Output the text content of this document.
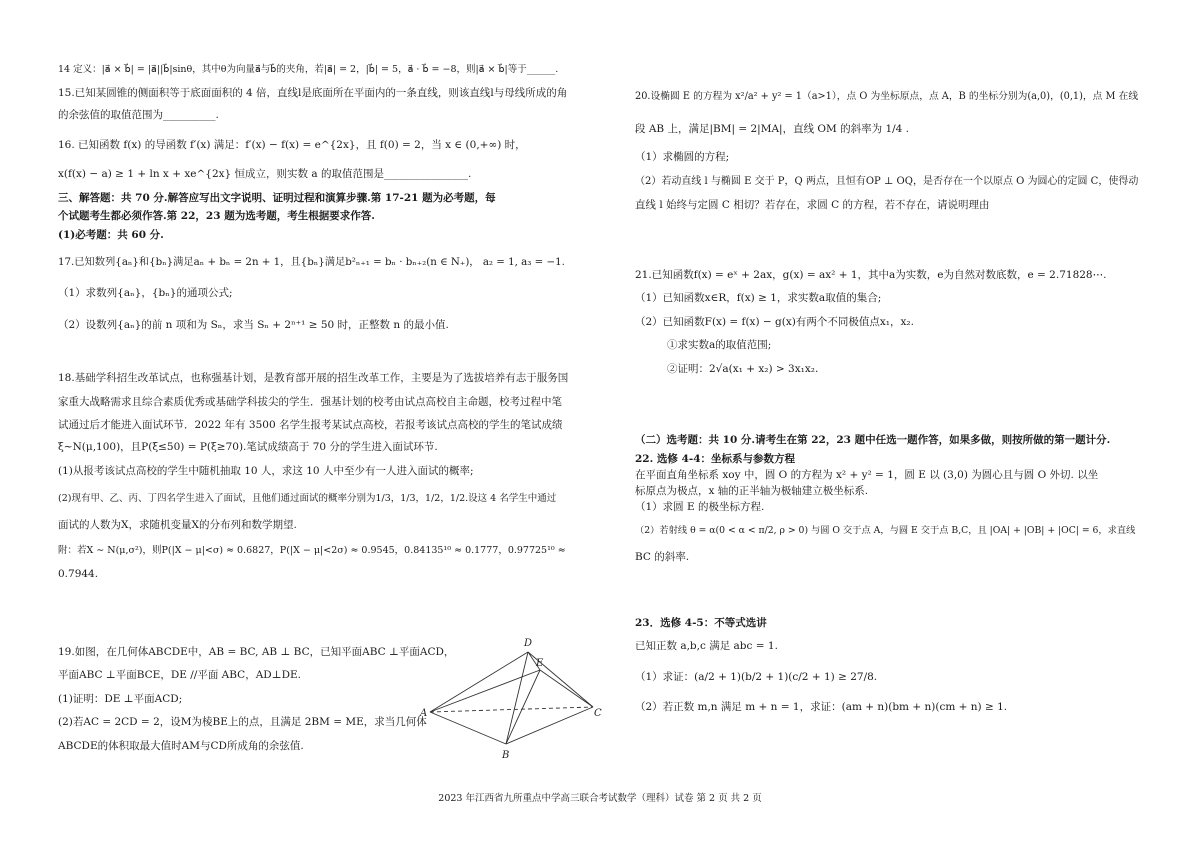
14 定义：|a⃗ × b⃗| = |a⃗||b⃗|sinθ，其中θ为向量a⃗与b⃗的夹角，若|a⃗| = 2，|b⃗| = 5，a⃗ · b⃗ = −8，则|a⃗ × b⃗|等于______.
15.已知某圆锥的侧面积等于底面面积的 4 倍，直线l是底面所在平面内的一条直线，则该直线l与母线所成的角
的余弦值的取值范围为__________.
16. 已知函数 f(x) 的导函数 f′(x) 满足：f′(x) − f(x) = e^{2x}，且 f(0) = 2，当 x ∈ (0,+∞) 时，
x(f(x) − a) ≥ 1 + ln x + xe^{2x} 恒成立，则实数 a 的取值范围是________________.
三、解答题：共 70 分.解答应写出文字说明、证明过程和演算步骤.第 17-21 题为必考题，每
个试题考生都必须作答.第 22，23 题为选考题，考生根据要求作答.
(1)必考题：共 60 分.
17.已知数列{aₙ}和{bₙ}满足aₙ + bₙ = 2n + 1，且{bₙ}满足b²ₙ₊₁ = bₙ · bₙ₊₂(n ∈ N₊)， a₂ = 1, a₃ = −1.
（1）求数列{aₙ}，{bₙ}的通项公式;
（2）设数列{aₙ}的前 n 项和为 Sₙ，求当 Sₙ + 2ⁿ⁺¹ ≥ 50 时，正整数 n 的最小值.
18.基础学科招生改革试点，也称强基计划，是教育部开展的招生改革工作，主要是为了选拔培养有志于服务国
家重大战略需求且综合素质优秀或基础学科拔尖的学生．强基计划的校考由试点高校自主命题，校考过程中笔
试通过后才能进入面试环节．2022 年有 3500 名学生报考某试点高校，若报考该试点高校的学生的笔试成绩
ξ∼N(μ,100)，且P(ξ≤50) = P(ξ≥70).笔试成绩高于 70 分的学生进入面试环节.
(1)从报考该试点高校的学生中随机抽取 10 人，求这 10 人中至少有一人进入面试的概率;
(2)现有甲、乙、丙、丁四名学生进入了面试，且他们通过面试的概率分别为1/3，1/3，1/2，1/2.设这 4 名学生中通过
面试的人数为X，求随机变量X的分布列和数学期望.
附：若X ∼ N(μ,σ²)，则P(|X − μ|<σ) ≈ 0.6827，P(|X − μ|<2σ) ≈ 0.9545，0.84135¹⁰ ≈ 0.1777，0.97725¹⁰ ≈
0.7944.
19.如图，在几何体ABCDE中，AB = BC, AB ⊥ BC，已知平面ABC ⊥平面ACD，
平面ABC ⊥平面BCE，DE //平面 ABC，AD⊥DE.
(1)证明：DE ⊥平面ACD;
(2)若AC = 2CD = 2，设M为棱BE上的点，且满足 2BM = ME，求当几何体
ABCDE的体积取最大值时AM与CD所成角的余弦值.
D
E
A	C
B
20.设椭圆 E 的方程为 x²/a² + y² = 1（a>1），点 O 为坐标原点，点 A，B 的坐标分别为(a,0)，(0,1)，点 M 在线
段 AB 上，满足|BM| = 2|MA|，直线 OM 的斜率为 1/4 .
（1）求椭圆的方程;
（2）若动直线 l 与椭圆 E 交于 P，Q 两点，且恒有OP ⊥ OQ，是否存在一个以原点 O 为圆心的定圆 C，使得动
直线 l 始终与定圆 C 相切？若存在，求圆 C 的方程，若不存在，请说明理由
21.已知函数f(x) = eˣ + 2ax，g(x) = ax² + 1，其中a为实数，e为自然对数底数，e = 2.71828⋯.
（1）已知函数x∈R，f(x) ≥ 1，求实数a取值的集合;
（2）已知函数F(x) = f(x) − g(x)有两个不同极值点x₁，x₂.
①求实数a的取值范围;
②证明：2√a(x₁ + x₂) > 3x₁x₂.
（二）选考题：共 10 分.请考生在第 22，23 题中任选一题作答，如果多做，则按所做的第一题计分.
22. 选修 4-4：坐标系与参数方程
在平面直角坐标系 xoy 中，圆 O 的方程为 x² + y² = 1，圆 E 以 (3,0) 为圆心且与圆 O 外切. 以坐
标原点为极点，x 轴的正半轴为极轴建立极坐标系.
（1）求圆 E 的极坐标方程.
（2）若射线 θ = α(0 < α < π/2, ρ > 0) 与圆 O 交于点 A，与圆 E 交于点 B,C，且 |OA| + |OB| + |OC| = 6，求直线
BC 的斜率.
23．选修 4-5：不等式选讲
已知正数 a,b,c 满足 abc = 1.
（1）求证：(a/2 + 1)(b/2 + 1)(c/2 + 1) ≥ 27/8.
（2）若正数 m,n 满足 m + n = 1，求证：(am + n)(bm + n)(cm + n) ≥ 1.
2023 年江西省九所重点中学高三联合考试数学（理科）试卷 第 2 页 共 2 页
